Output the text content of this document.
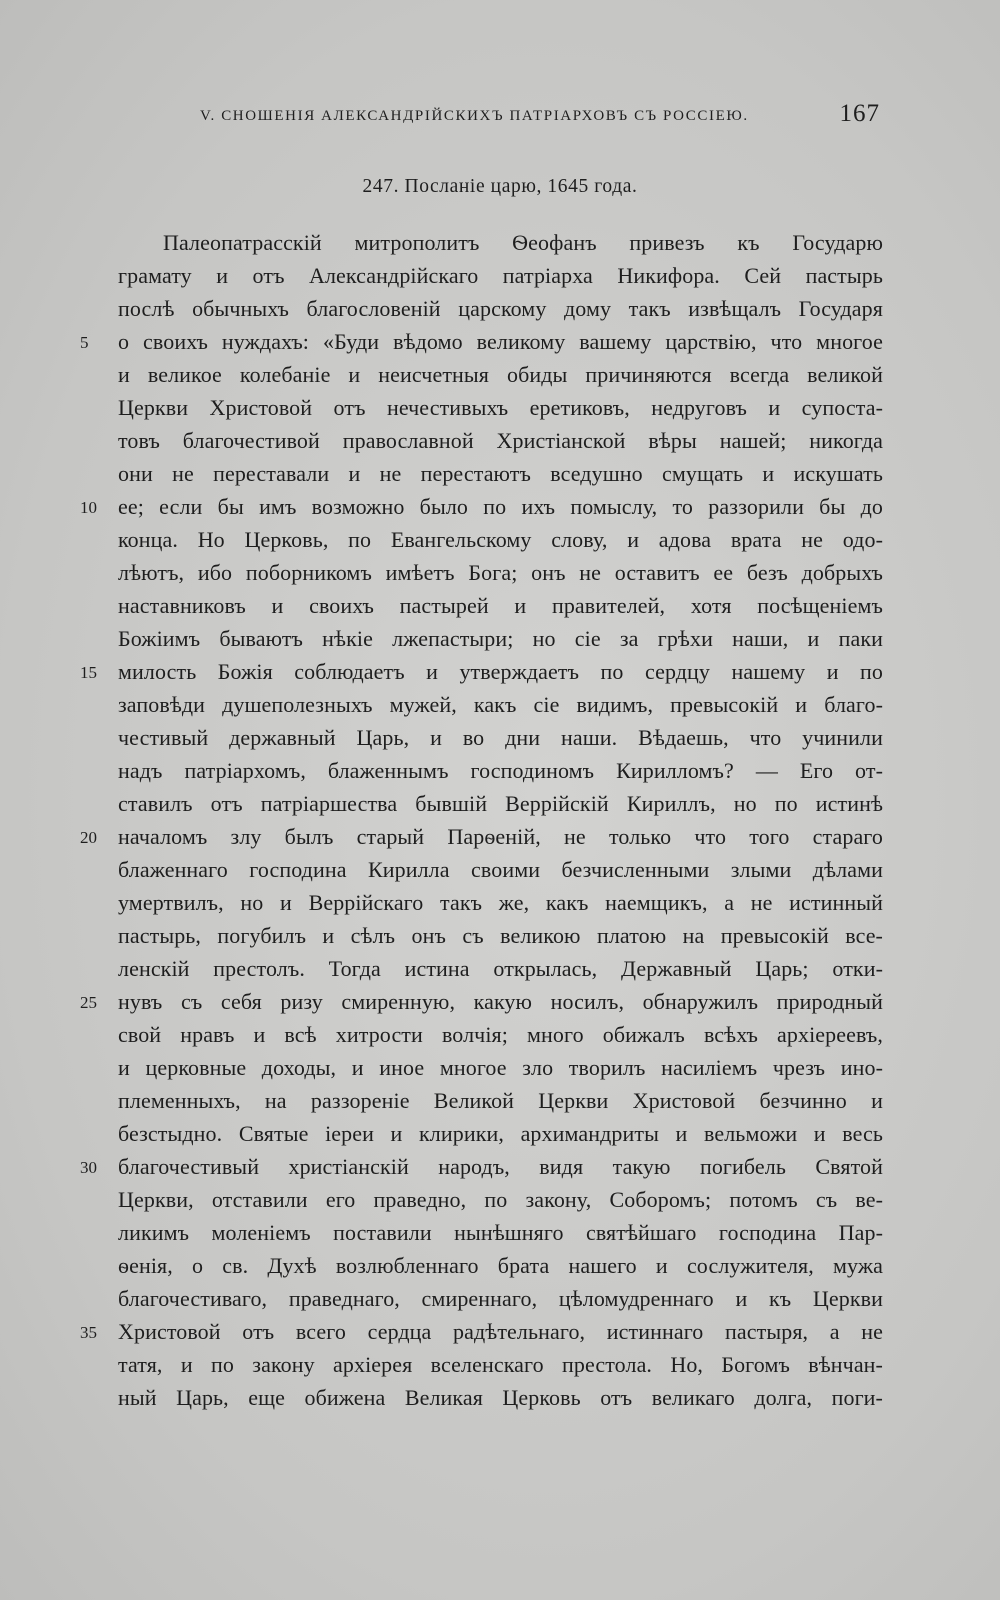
V. СНОШЕНІЯ АЛЕКСАНДРІЙСКИХЪ ПАТРІАРХОВЪ СЪ РОССІЕЮ.	167
247. Посланіе царю, 1645 года.
Палеопатрасскій митрополитъ Ѳеофанъ привезъ къ Государю
грамату и отъ Александрійскаго патріарха Никифора. Сей пастырь
послѣ обычныхъ благословеній царскому дому такъ извѣщалъ Государя
5	о своихъ нуждахъ: «Буди вѣдомо великому вашему царствію, что многое
и великое колебаніе и неисчетныя обиды причиняются всегда великой
Церкви Христовой отъ нечестивыхъ еретиковъ, недруговъ и супоста-
товъ благочестивой православной Христіанской вѣры нашей; никогда
они не переставали и не перестаютъ вседушно смущать и искушать
10 ее; если бы имъ возможно было по ихъ помыслу, то раззорили бы до
конца. Но Церковь, по Евангельскому слову, и адова врата не одо-
лѣютъ, ибо поборникомъ имѣетъ Бога; онъ не оставитъ ее безъ добрыхъ
наставниковъ и своихъ пастырей и правителей, хотя посѣщеніемъ
Божіимъ бываютъ нѣкіе лжепастыри; но сіе за грѣхи наши, и паки
15 милость Божія соблюдаетъ и утверждаетъ по сердцу нашему и по
заповѣди душеполезныхъ мужей, какъ сіе видимъ, превысокій и благо-
честивый державный Царь, и во дни наши. Вѣдаешь, что учинили
надъ патріархомъ, блаженнымъ господиномъ Кирилломъ? — Его от-
ставилъ отъ патріаршества бывшій Веррійскій Кириллъ, но по истинѣ
20 началомъ злу былъ старый Парѳеній, не только что того стараго
блаженнаго господина Кирилла своими безчисленными злыми дѣлами
умертвилъ, но и Веррійскаго такъ же, какъ наемщикъ, а не истинный
пастырь, погубилъ и сѣлъ онъ съ великою платою на превысокій все-
ленскій престолъ. Тогда истина открылась, Державный Царь; отки-
25 нувъ съ себя ризу смиренную, какую носилъ, обнаружилъ природный
свой нравъ и всѣ хитрости волчія; много обижалъ всѣхъ архіереевъ,
и церковные доходы, и иное многое зло творилъ насиліемъ чрезъ ино-
племенныхъ, на раззореніе Великой Церкви Христовой безчинно и
безстыдно. Святые іереи и клирики, архимандриты и вельможи и весь
30 благочестивый христіанскій народъ, видя такую погибель Святой
Церкви, отставили его праведно, по закону, Соборомъ; потомъ съ ве-
ликимъ моленіемъ поставили нынѣшняго святѣйшаго господина Пар-
ѳенія, о св. Духѣ возлюбленнаго брата нашего и сослужителя, мужа
благочестиваго, праведнаго, смиреннаго, цѣломудреннаго и къ Церкви
35 Христовой отъ всего сердца радѣтельнаго, истиннаго пастыря, а не
татя, и по закону архіерея вселенскаго престола. Но, Богомъ вѣнчан-
ный Царь, еще обижена Великая Церковь отъ великаго долга, поги-
